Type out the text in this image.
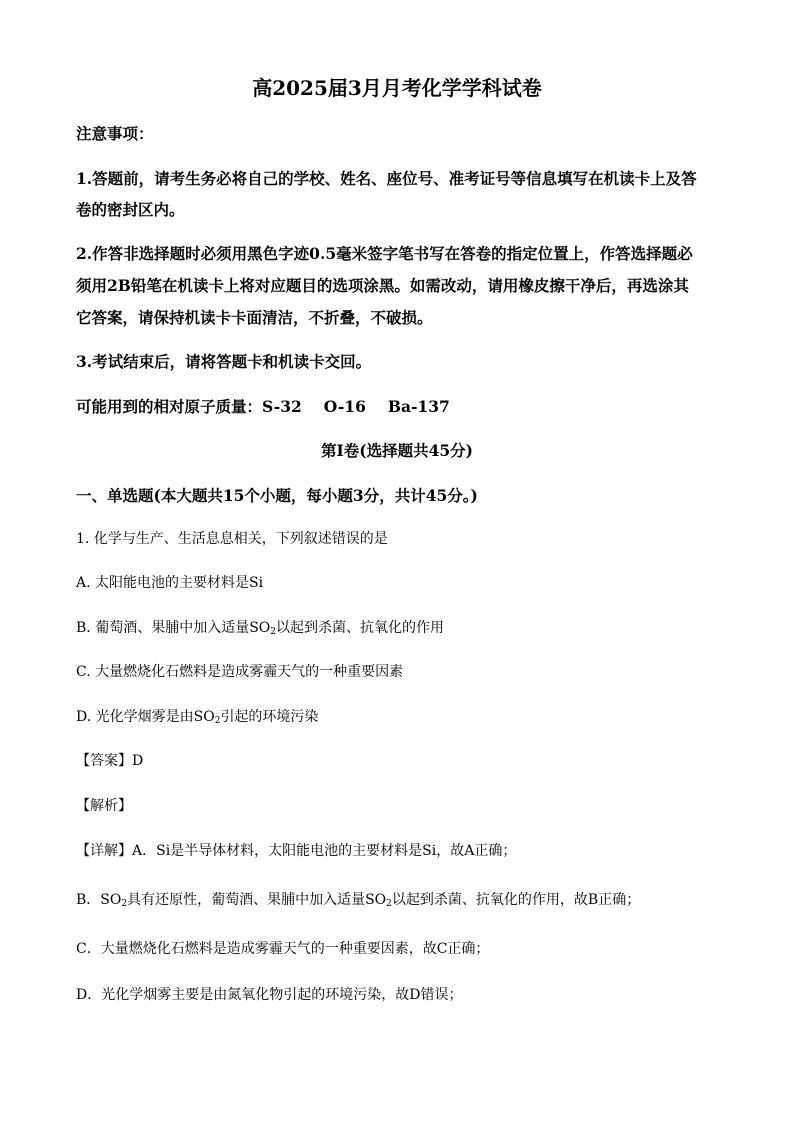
高2025届3月月考化学学科试卷
注意事项：
1.答题前，请考生务必将自己的学校、姓名、座位号、准考证号等信息填写在机读卡上及答
卷的密封区内。
2.作答非选择题时必须用黑色字迹0.5毫米签字笔书写在答卷的指定位置上，作答选择题必
须用2B铅笔在机读卡上将对应题目的选项涂黑。如需改动，请用橡皮擦干净后，再选涂其
它答案，请保持机读卡卡面清洁，不折叠，不破损。
3.考试结束后，请将答题卡和机读卡交回。
可能用到的相对原子质量：S-32 O-16 Ba-137
第Ⅰ卷(选择题共45分)
一、单选题(本大题共15个小题，每小题3分，共计45分。)
1. 化学与生产、生活息息相关，下列叙述错误的是
A. 太阳能电池的主要材料是Si
B. 葡萄酒、果脯中加入适量$SO_2$以起到杀菌、抗氧化的作用
C. 大量燃烧化石燃料是造成雾霾天气的一种重要因素
D. 光化学烟雾是由$SO_2$引起的环境污染
【答案】D
【解析】
【详解】A．Si是半导体材料，太阳能电池的主要材料是Si，故A正确；
B．$SO_2$具有还原性，葡萄酒、果脯中加入适量$SO_2$以起到杀菌、抗氧化的作用，故B正确；
C．大量燃烧化石燃料是造成雾霾天气的一种重要因素，故C正确；
D．光化学烟雾主要是由氮氧化物引起的环境污染，故D错误；
